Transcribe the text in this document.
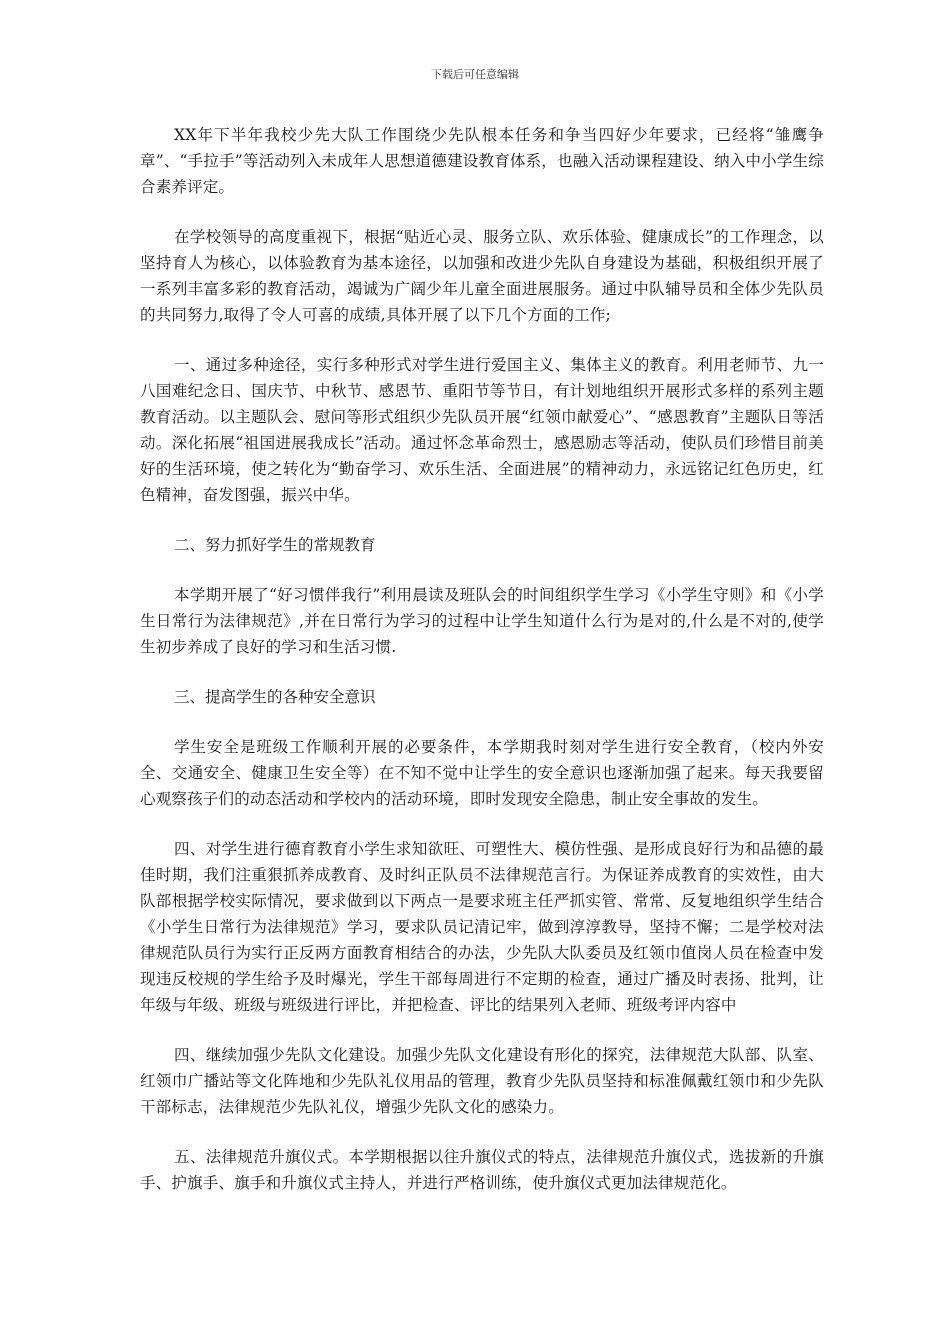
下载后可任意编辑

XX年下半年我校少先大队工作围绕少先队根本任务和争当四好少年要求，已经将“雏鹰争章”、“手拉手”等活动列入未成年人思想道德建设教育体系，也融入活动课程建设、纳入中小学生综合素养评定。

在学校领导的高度重视下，根据“贴近心灵、服务立队、欢乐体验、健康成长”的工作理念，以坚持育人为核心，以体验教育为基本途径，以加强和改进少先队自身建设为基础，积极组织开展了一系列丰富多彩的教育活动，竭诚为广阔少年儿童全面进展服务。通过中队辅导员和全体少先队员的共同努力,取得了令人可喜的成绩,具体开展了以下几个方面的工作;

一、通过多种途径，实行多种形式对学生进行爱国主义、集体主义的教育。利用老师节、九一八国难纪念日、国庆节、中秋节、感恩节、重阳节等节日，有计划地组织开展形式多样的系列主题教育活动。以主题队会、慰问等形式组织少先队员开展“红领巾献爱心”、“感恩教育”主题队日等活动。深化拓展“祖国进展我成长”活动。通过怀念革命烈士，感恩励志等活动，使队员们珍惜目前美好的生活环境，使之转化为“勤奋学习、欢乐生活、全面进展”的精神动力，永远铭记红色历史，红色精神，奋发图强，振兴中华。

二、努力抓好学生的常规教育

本学期开展了“好习惯伴我行”利用晨读及班队会的时间组织学生学习《小学生守则》和《小学生日常行为法律规范》,并在日常行为学习的过程中让学生知道什么行为是对的,什么是不对的,使学生初步养成了良好的学习和生活习惯.

三、提高学生的各种安全意识

学生安全是班级工作顺利开展的必要条件，本学期我时刻对学生进行安全教育，（校内外安全、交通安全、健康卫生安全等）在不知不觉中让学生的安全意识也逐渐加强了起来。每天我要留心观察孩子们的动态活动和学校内的活动环境，即时发现安全隐患，制止安全事故的发生。

四、对学生进行德育教育小学生求知欲旺、可塑性大、模仿性强、是形成良好行为和品德的最佳时期，我们注重狠抓养成教育、及时纠正队员不法律规范言行。为保证养成教育的实效性，由大队部根据学校实际情况，要求做到以下两点一是要求班主任严抓实管、常常、反复地组织学生结合《小学生日常行为法律规范》学习，要求队员记清记牢，做到淳淳教导，坚持不懈；二是学校对法律规范队员行为实行正反两方面教育相结合的办法，少先队大队委员及红领巾值岗人员在检查中发现违反校规的学生给予及时爆光，学生干部每周进行不定期的检查，通过广播及时表扬、批判，让年级与年级、班级与班级进行评比，并把检查、评比的结果列入老师、班级考评内容中

四、继续加强少先队文化建设。加强少先队文化建设有形化的探究，法律规范大队部、队室、红领巾广播站等文化阵地和少先队礼仪用品的管理，教育少先队员坚持和标准佩戴红领巾和少先队干部标志，法律规范少先队礼仪，增强少先队文化的感染力。

五、法律规范升旗仪式。本学期根据以往升旗仪式的特点，法律规范升旗仪式，选拔新的升旗手、护旗手、旗手和升旗仪式主持人，并进行严格训练，使升旗仪式更加法律规范化。
